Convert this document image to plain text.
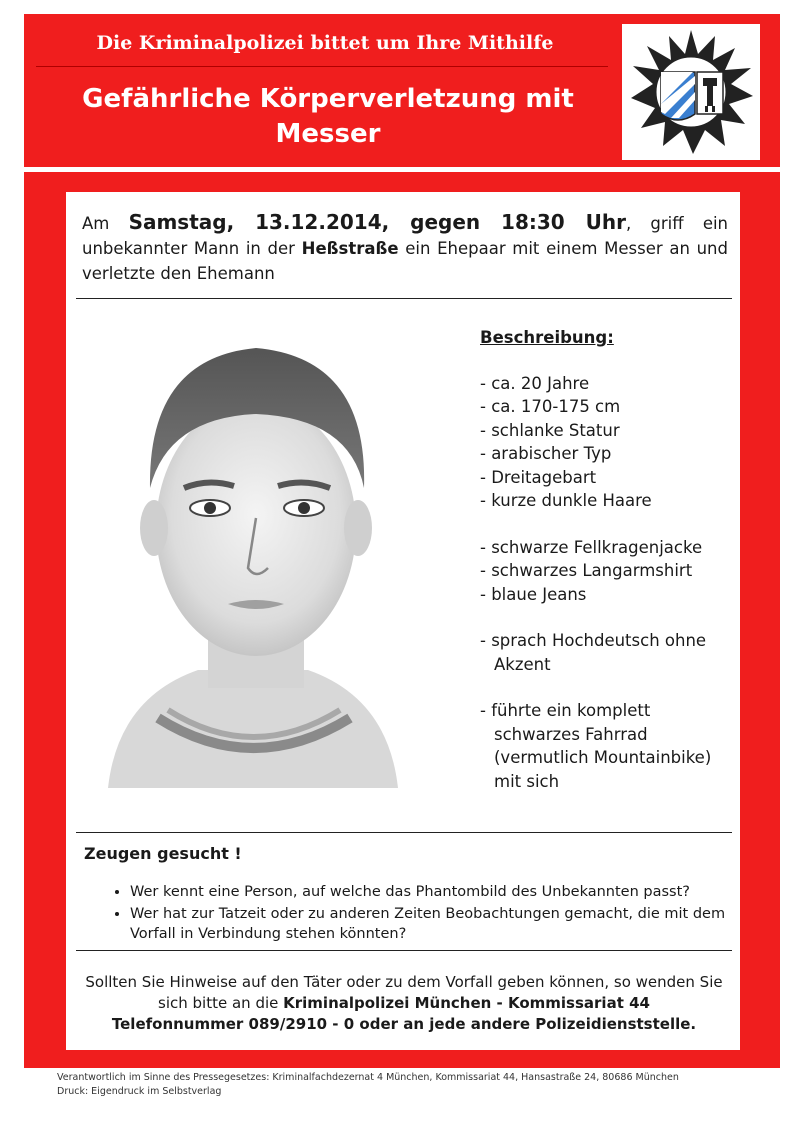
Die Kriminalpolizei bittet um Ihre Mithilfe
Gefährliche Körperverletzung mit Messer
Am Samstag, 13.12.2014, gegen 18:30 Uhr, griff ein unbekannter Mann in der Heßstraße ein Ehepaar mit einem Messer an und verletzte den Ehemann
Beschreibung:
- ca. 20 Jahre
- ca. 170-175 cm
- schlanke Statur
- arabischer Typ
- Dreitagebart
- kurze dunkle Haare
- schwarze Fellkragenjacke
- schwarzes Langarmshirt
- blaue Jeans
- sprach Hochdeutsch ohne Akzent
- führte ein komplett schwarzes Fahrrad (vermutlich Mountainbike) mit sich
Zeugen gesucht !
• Wer kennt eine Person, auf welche das Phantombild des Unbekannten passt?
• Wer hat zur Tatzeit oder zu anderen Zeiten Beobachtungen gemacht, die mit dem Vorfall in Verbindung stehen könnten?
Sollten Sie Hinweise auf den Täter oder zu dem Vorfall geben können, so wenden Sie sich bitte an die Kriminalpolizei München - Kommissariat 44
Telefonnummer 089/2910 - 0 oder an jede andere Polizeidienststelle.
Verantwortlich im Sinne des Pressegesetzes: Kriminalfachdezernat 4 München, Kommissariat 44, Hansastraße 24, 80686 München
Druck: Eigendruck im Selbstverlag
